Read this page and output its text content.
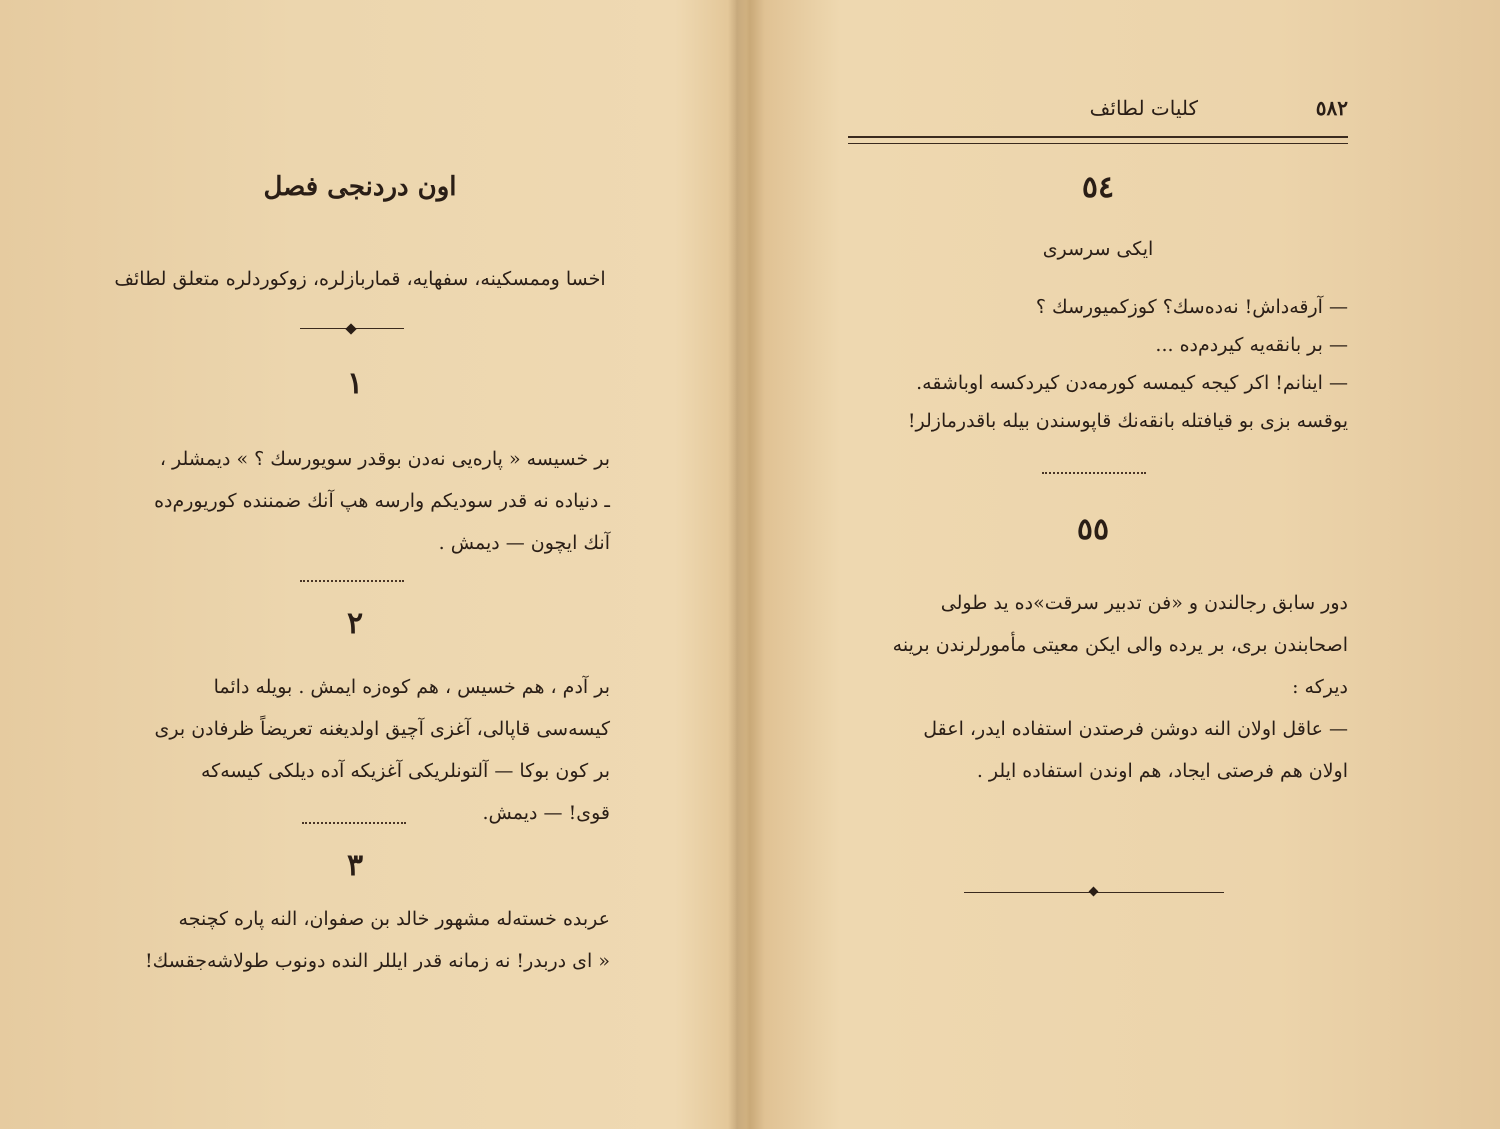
اون دردنجی فصل
اخسا وممسکینه، سفهایه، قماربازلره، زوکوردلره متعلق لطائف
١

بر خسیسه « پاره‌یی نه‌دن بوقدر سویورسك ؟ » دیمشلر ،

ـ دنیاده نه قدر سودیکم وارسه هپ آنك ضمننده کوریورم‌ده

آنك ایچون — دیمش .

٢

بر آدم ، هم خسیس ، هم کوه‌زه ایمش . بویله دائما

کیسه‌سی قاپالی، آغزی آچیق اولدیغنه تعریضاً ظرفادن بری

بر کون بوکا — آلتونلریکی آغزیکه آده دیلکی کیسه‌که

قوی! — دیمش.

٣

عربده خسته‌له مشهور خالد بن صفوان، النه پاره کچنجه

« ای دربدر! نه زمانه قدر ایللر النده دونوب طولاشه‌جقسك!

٥٨٢
کلیات لطائف
٥٤
ایکی سرسری

— آرقه‌داش! نه‌ده‌سك؟ کوزکمیورسك ؟

— بر بانقه‌یه کیردم‌ده ...

— اینانم! اکر کیجه کیمسه کورمه‌دن کیردکسه اوباشقه.

یوقسه بزی بو قیافتله بانقه‌نك قاپوسندن بیله باقدرمازلر!

٥٥

دور سابق رجالندن و «فن تدبیر سرقت»ده ید طولی

اصحابندن بری، بر یرده والی ایکن معیتی مأمورلرندن برینه

دیرکه :

— عاقل اولان النه دوشن فرصتدن استفاده ایدر، اعقل

اولان هم فرصتی ایجاد، هم اوندن استفاده ایلر .
